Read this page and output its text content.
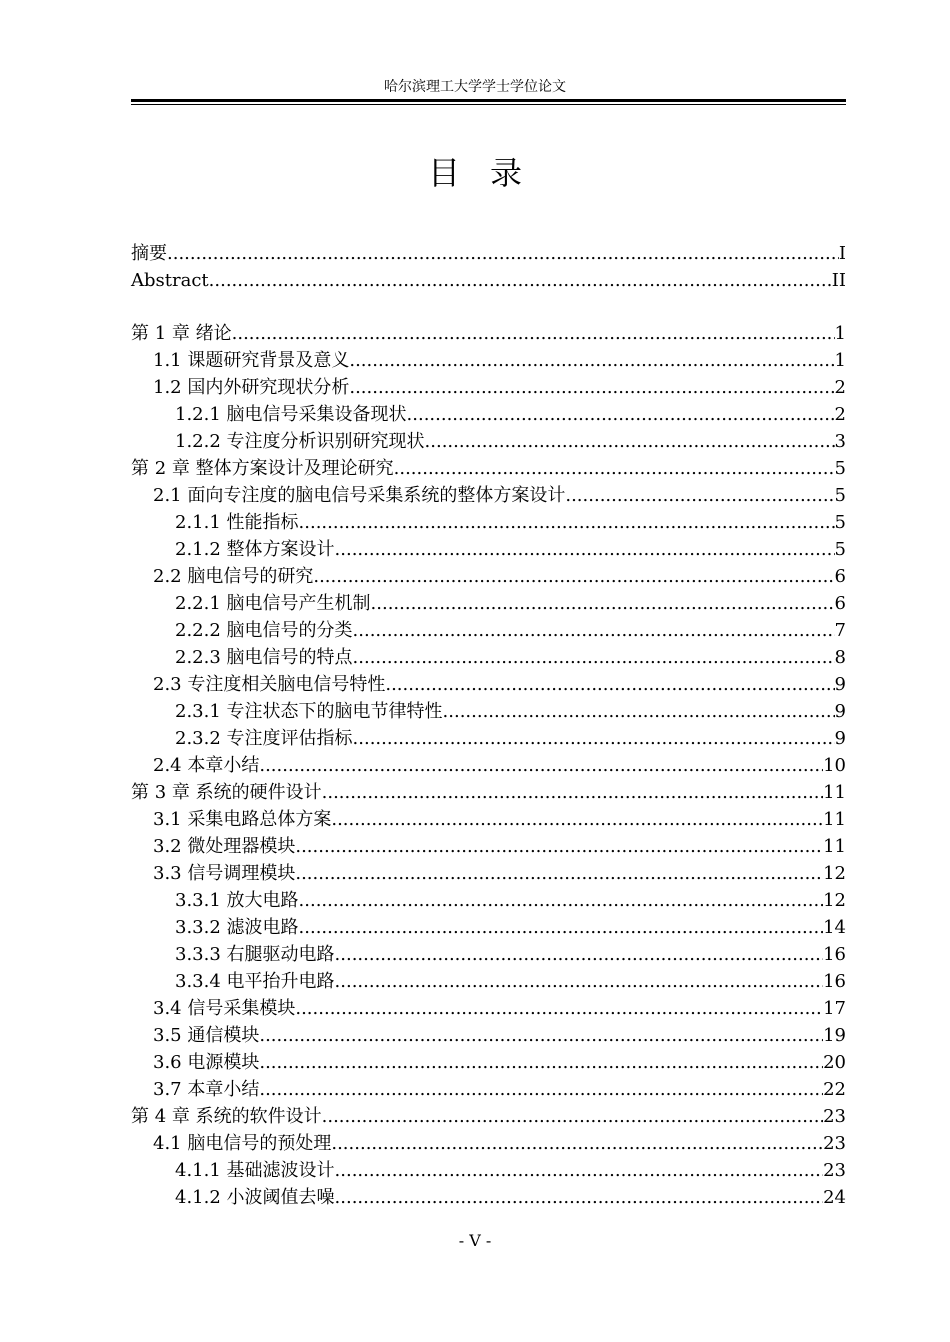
哈尔滨理工大学学士学位论文
目录
摘要 .....	I
Abstract .....	II
第 1 章 绪论 .....	1
1.1 课题研究背景及意义 .....	1
1.2 国内外研究现状分析 .....	2
1.2.1 脑电信号采集设备现状 .....	2
1.2.2 专注度分析识别研究现状 .....	3
第 2 章 整体方案设计及理论研究 .....	5
2.1 面向专注度的脑电信号采集系统的整体方案设计 .....	5
2.1.1 性能指标 .....	5
2.1.2 整体方案设计 .....	5
2.2 脑电信号的研究 .....	6
2.2.1 脑电信号产生机制 .....	6
2.2.2 脑电信号的分类 .....	7
2.2.3 脑电信号的特点 .....	8
2.3 专注度相关脑电信号特性 .....	9
2.3.1 专注状态下的脑电节律特性 .....	9
2.3.2 专注度评估指标 .....	9
2.4 本章小结 .....	10
第 3 章 系统的硬件设计 .....	11
3.1 采集电路总体方案 .....	11
3.2 微处理器模块 .....	11
3.3 信号调理模块 .....	12
3.3.1 放大电路 .....	12
3.3.2 滤波电路 .....	14
3.3.3 右腿驱动电路 .....	16
3.3.4 电平抬升电路 .....	16
3.4 信号采集模块 .....	17
3.5 通信模块 .....	19
3.6 电源模块 .....	20
3.7 本章小结 .....	22
第 4 章 系统的软件设计 .....	23
4.1 脑电信号的预处理 .....	23
4.1.1 基础滤波设计 .....	23
4.1.2 小波阈值去噪 .....	24
- V -
